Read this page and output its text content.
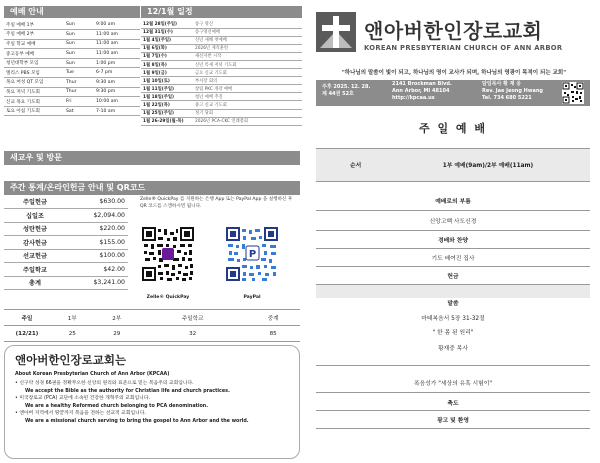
예배 안내
주일 예배 1부	Sun	9:00 am
주일 예배 2부	Sun	11:00 am
주일 학교 예배	Sun	11:00 am
중고등부 예배	Sun	11:00 am
청년대학부 모임	Sun	1:00 pm
엘리스 PBS 모임	Tue	6-7 pm
목요 여성 QT 모임	Thur	9:30 am
목요 저녁 기도회	Thur	9:30 pm
신교 목요 기도회	Fri	10:00 am
토요 아침 기도회	Sat	7-10 am
12/1월 일정
12월 28일(주일)	송구 영신
12월 31일(수)	송구영신예배
1월 4일(주일)	신년 새해 첫예배
1월 6일(화)	2026년 제직훈련
1월 7일(수)	새신자반 시작
1월 8일(목)	신년 특새 저녁 기도회
1월 9일(금)	금요 신교 기도회
1월 10일(토)	부서장 회의
1월 11일(주일)	창립 PKC 개강 예배
1월 18일(주일)	청년 예배 추진
1월 22일(목)	중고 신교 기도회
1월 25일(주일)	정기 당회
1월 26-29일(월-목)	2026년 PCA-CKC 연례총회
새교우 및 방문
주간 통계/온라인헌금 안내 및 QR코드
주일헌금	$630.00
십일조	$2,094.00
성탄헌금	$220.00
감사헌금	$155.00
선교헌금	$100.00
주일학교	$42.00
총계	$3,241.00
Zelle® QuickPay 를 지원하는 은행 App 또는 PayPal App 을 실행하신 후 QR 코드를 스캔하시면 됩니다.
Zelle® QuickPay
P
PayPal
주일	1부	2부	주일학교	중계
(12/21)	25	29	32	85
앤아버한인장로교회는
About Korean Presbyterian Church of Ann Arbor (KPCAA)
• 신구약 성경 66권을 정확무오한 신앙의 원리와 표준으로 믿는 복음주의 교회입니다.
We accept the Bible as the authority for Christian life and church practices.
• 미국장로교 (PCA) 교단에 소속된 건강한 개혁주의 교회입니다.
We are a healthy Reformed church belonging to PCA denomination.
• 앤아버 지역에서 땅끝까지 복음을 전하는 선교적 교회입니다.
We are a missional church serving to bring the gospel to Ann Arbor and the world.
앤아버한인장로교회
KOREAN PRESBYTERIAN CHURCH OF ANN ARBOR
"하나님의 말씀이 빛이 되고, 하나님의 영이 교사가 되며, 하나님의 영광이 목적이 되는 교회"
주후 2025. 12. 28.
제 44권 52호
2141 Brockman Blvd.
Ann Arbor, MI 48104
http://kpcaa.us
담임목사 황 재 응
Rev. Jae Jeong Hwang
Tel. 734 680 5221
주 일 예 배
순서	1부 예배(9am)/2부 예배(11am)
예배로의 부름
신앙고백 사도신경
경배와 찬양
기도 배여진 집사
헌금
말씀
마태복음서 5장 31-32절
" 한 몸 된 원리"
황재중 목사
폭음성가 "세상의 유혹 시험이"
축도
광고 및 환영
